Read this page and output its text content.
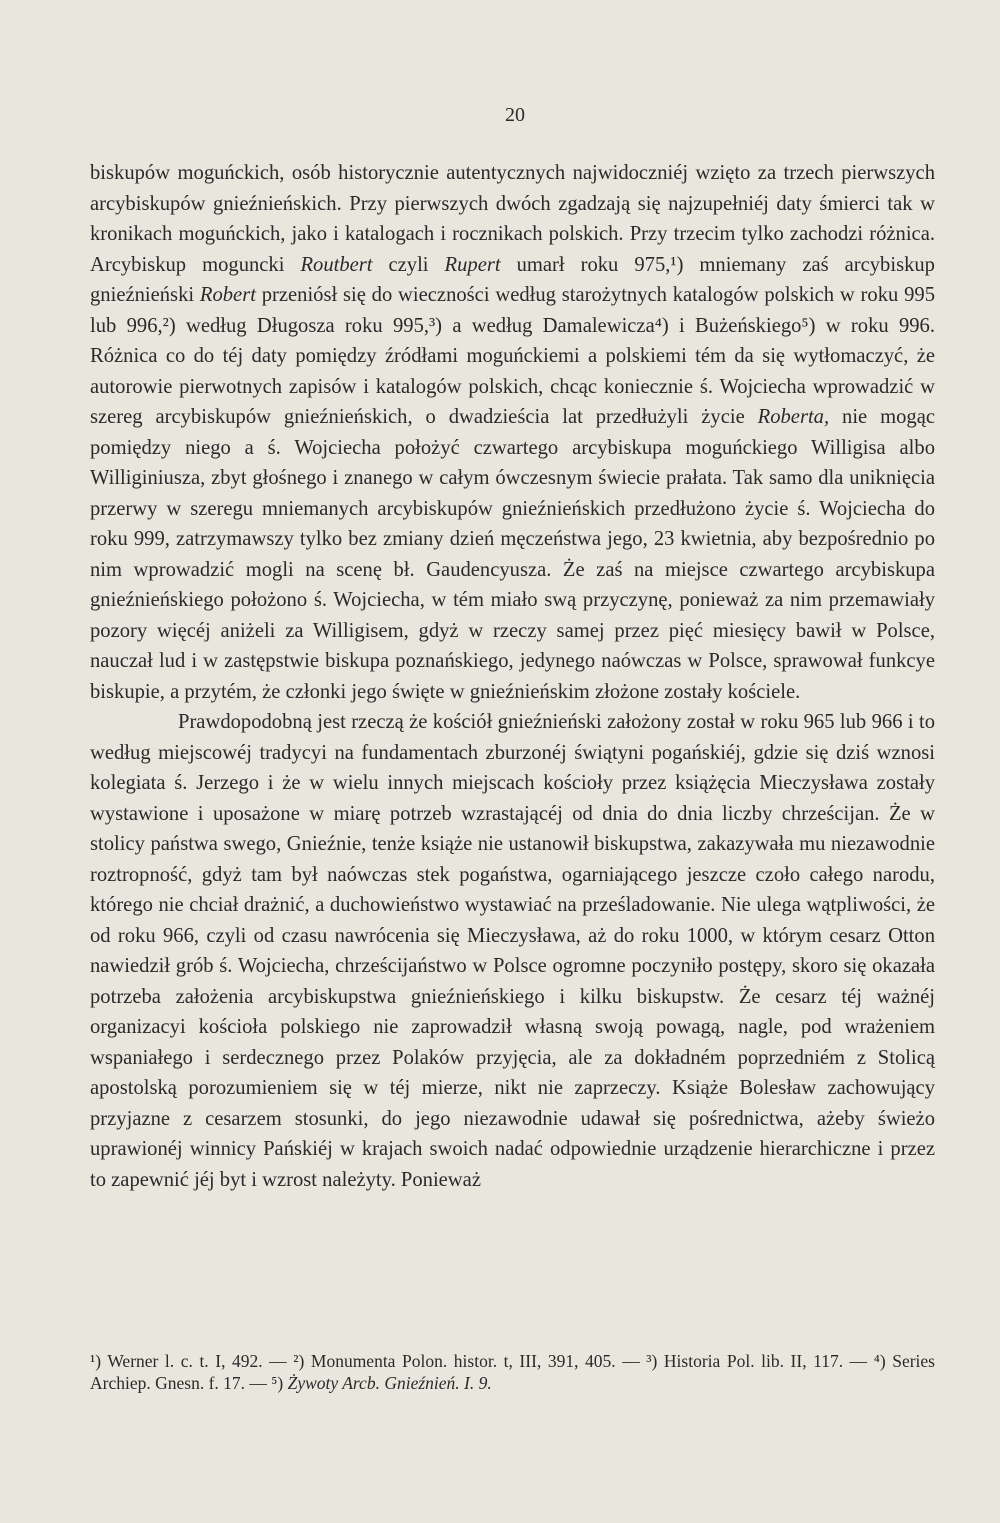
20

biskupów moguńckich, osób historycznie autentycznych najwidoczniéj wzięto za trzech pierwszych arcybiskupów gnieźnieńskich. Przy pierwszych dwóch zgadzają się najzupełniéj daty śmierci tak w kronikach moguńckich, jako i katalogach i rocznikach polskich. Przy trzecim tylko zachodzi różnica. Arcybiskup moguncki Routbert czyli Rupert umarł roku 975,¹) mniemany zaś arcybiskup gnieźnieński Robert przeniósł się do wieczności według starożytnych katalogów polskich w roku 995 lub 996,²) według Długosza roku 995,³) a według Damalewicza⁴) i Bużeńskiego⁵) w roku 996. Różnica co do téj daty pomiędzy źródłami moguńckiemi a polskiemi tém da się wytłomaczyć, że autorowie pierwotnych zapisów i katalogów polskich, chcąc koniecznie ś. Wojciecha wprowadzić w szereg arcybiskupów gnieźnieńskich, o dwadzieścia lat przedłużyli życie Roberta, nie mogąc pomiędzy niego a ś. Wojciecha położyć czwartego arcybiskupa moguńckiego Willigisa albo Williginiusza, zbyt głośnego i znanego w całym ówczesnym świecie prałata. Tak samo dla uniknięcia przerwy w szeregu mniemanych arcybiskupów gnieźnieńskich przedłużono życie ś. Wojciecha do roku 999, zatrzymawszy tylko bez zmiany dzień męczeństwa jego, 23 kwietnia, aby bezpośrednio po nim wprowadzić mogli na scenę bł. Gaudencyusza. Że zaś na miejsce czwartego arcybiskupa gnieźnieńskiego położono ś. Wojciecha, w tém miało swą przyczynę, ponieważ za nim przemawiały pozory więcéj aniżeli za Willigisem, gdyż w rzeczy samej przez pięć miesięcy bawił w Polsce, nauczał lud i w zastępstwie biskupa poznańskiego, jedynego naówczas w Polsce, sprawował funkcye biskupie, a przytém, że członki jego święte w gnieźnieńskim złożone zostały kościele.

Prawdopodobną jest rzeczą że kościół gnieźnieński założony został w roku 965 lub 966 i to według miejscowéj tradycyi na fundamentach zburzonéj świątyni pogańskiéj, gdzie się dziś wznosi kolegiata ś. Jerzego i że w wielu innych miejscach kościoły przez książęcia Mieczysława zostały wystawione i uposażone w miarę potrzeb wzrastającéj od dnia do dnia liczby chrześcijan. Że w stolicy państwa swego, Gnieźnie, tenże książe nie ustanowił biskupstwa, zakazywała mu niezawodnie roztropność, gdyż tam był naówczas stek pogaństwa, ogarniającego jeszcze czoło całego narodu, którego nie chciał drażnić, a duchowieństwo wystawiać na prześladowanie. Nie ulega wątpliwości, że od roku 966, czyli od czasu nawrócenia się Mieczysława, aż do roku 1000, w którym cesarz Otton nawiedził grób ś. Wojciecha, chrześcijaństwo w Polsce ogromne poczyniło postępy, skoro się okazała potrzeba założenia arcybiskupstwa gnieźnieńskiego i kilku biskupstw. Że cesarz téj ważnéj organizacyi kościoła polskiego nie zaprowadził własną swoją powagą, nagle, pod wrażeniem wspaniałego i serdecznego przez Polaków przyjęcia, ale za dokładném poprzedniém z Stolicą apostolską porozumieniem się w téj mierze, nikt nie zaprzeczy. Książe Bolesław zachowujący przyjazne z cesarzem stosunki, do jego niezawodnie udawał się pośrednictwa, ażeby świeżo uprawionéj winnicy Pańskiéj w krajach swoich nadać odpowiednie urządzenie hierarchiczne i przez to zapewnić jéj byt i wzrost należyty. Ponieważ

¹) Werner l. c. t. I, 492. — ²) Monumenta Polon. histor. t, III, 391, 405. — ³) Historia Pol. lib. II, 117. — ⁴) Series Archiep. Gnesn. f. 17. — ⁵) Żywoty Arcb. Gnieźnień. I. 9.
